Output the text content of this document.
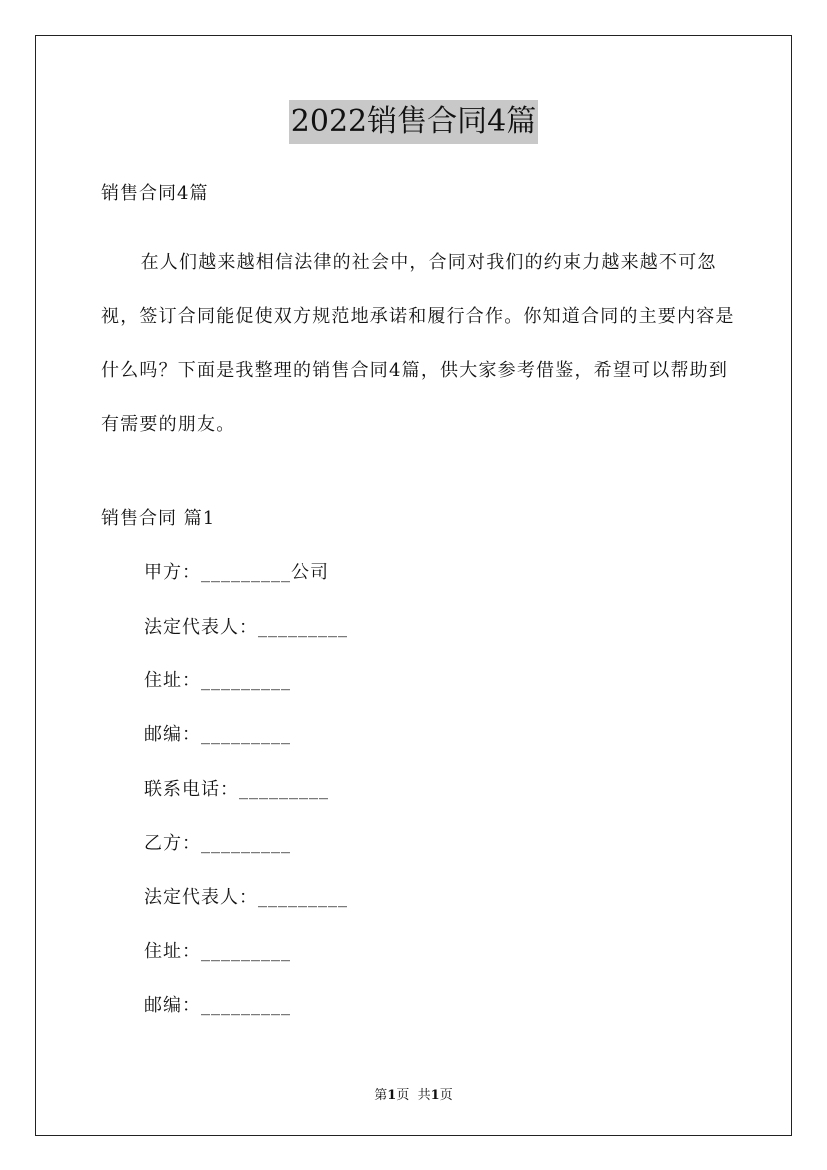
2022销售合同4篇
销售合同4篇

在人们越来越相信法律的社会中，合同对我们的约束力越来越不可忽视，签订合同能促使双方规范地承诺和履行合作。你知道合同的主要内容是什么吗？下面是我整理的销售合同4篇，供大家参考借鉴，希望可以帮助到有需要的朋友。

销售合同 篇1
甲方：_________公司
法定代表人：_________
住址：_________
邮编：_________
联系电话：_________
乙方：_________
法定代表人：_________
住址：_________
邮编：_________
第1页 共1页
